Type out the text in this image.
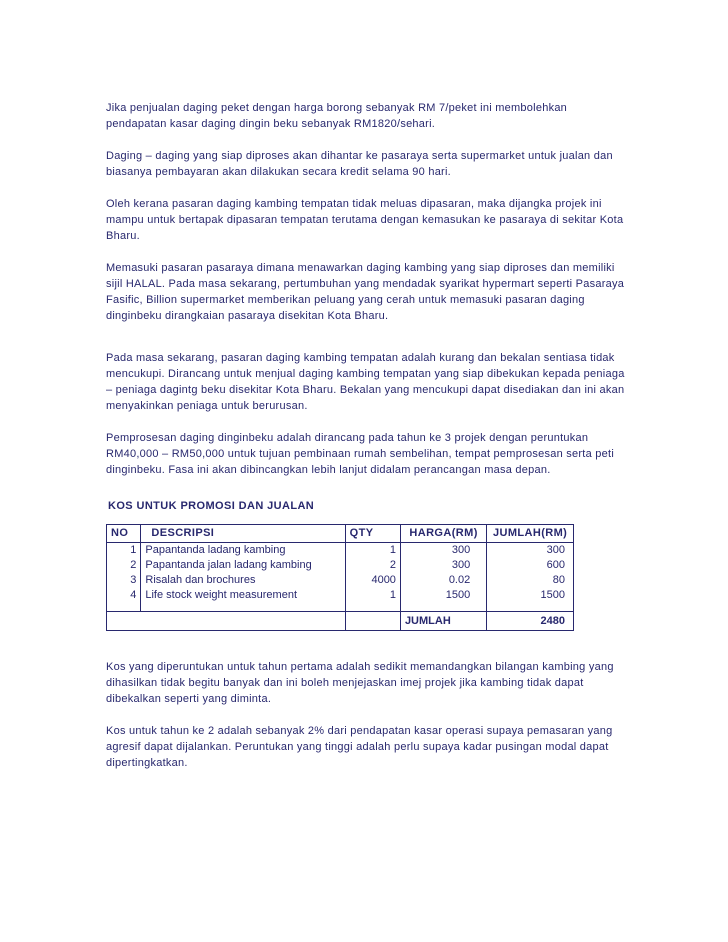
Jika penjualan daging peket dengan harga borong sebanyak RM 7/peket ini membolehkan pendapatan kasar daging dingin beku sebanyak RM1820/sehari.

Daging – daging yang siap diproses akan dihantar ke pasaraya serta supermarket untuk jualan dan biasanya pembayaran akan dilakukan secara kredit selama 90 hari.

Oleh kerana pasaran daging kambing tempatan tidak meluas dipasaran, maka dijangka projek ini mampu untuk bertapak dipasaran tempatan terutama dengan kemasukan ke pasaraya di sekitar Kota Bharu.

Memasuki pasaran pasaraya dimana menawarkan daging kambing yang siap diproses dan memiliki sijil HALAL. Pada masa sekarang, pertumbuhan yang mendadak syarikat hypermart seperti Pasaraya Fasific, Billion supermarket memberikan peluang yang cerah untuk memasuki pasaran daging dinginbeku dirangkaian pasaraya disekitan Kota Bharu.

Pada masa sekarang, pasaran daging kambing tempatan adalah kurang dan bekalan sentiasa tidak mencukupi. Dirancang untuk menjual daging kambing tempatan yang siap dibekukan kepada peniaga – peniaga dagintg beku disekitar Kota Bharu. Bekalan yang mencukupi dapat disediakan dan ini akan menyakinkan peniaga untuk berurusan.

Pemprosesan daging dinginbeku adalah dirancang pada tahun ke 3 projek dengan peruntukan RM40,000 – RM50,000 untuk tujuan pembinaan rumah sembelihan, tempat pemprosesan serta peti dinginbeku. Fasa ini akan dibincangkan lebih lanjut didalam perancangan masa depan.

KOS UNTUK PROMOSI DAN JUALAN
NO	DESCRIPSI	QTY	HARGA(RM)	JUMLAH(RM)
1	Papantanda ladang kambing	1	300	300
2	Papantanda jalan ladang kambing	2	300	600
3	Risalah dan brochures	4000	0.02	80
4	Life stock weight measurement	1	1500	1500

			JUMLAH	2480

Kos yang diperuntukan untuk tahun pertama adalah sedikit memandangkan bilangan kambing yang dihasilkan tidak begitu banyak dan ini boleh menjejaskan imej projek jika kambing tidak dapat dibekalkan seperti yang diminta.

Kos untuk tahun ke 2 adalah sebanyak 2% dari pendapatan kasar operasi supaya pemasaran yang agresif dapat dijalankan. Peruntukan yang tinggi adalah perlu supaya kadar pusingan modal dapat dipertingkatkan.
